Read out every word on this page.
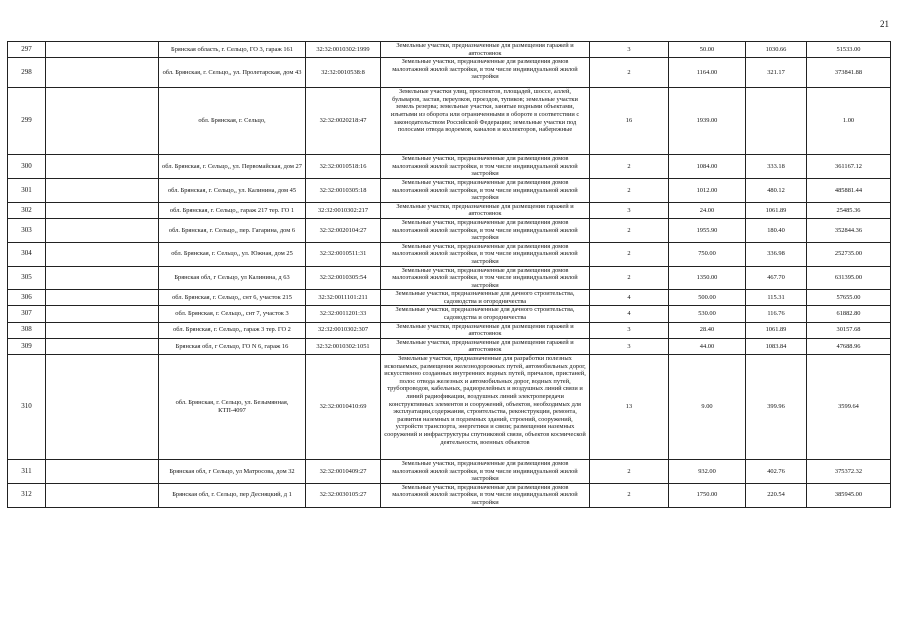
21
297		Брянская область, г. Сельцо, ГО 3, гараж 161	32:32:0010302:1999	Земельные участки, предназначенные для размещения гаражей и автостоянок	3	50.00	1030.66	51533.00
298		обл. Брянская, г. Сельцо,, ул. Пролетарская, дом 43	32:32:0010538:8	Земельные участки, предназначенные для размещения домов малоэтажной жилой застройки, в том числе индивидуальной жилой застройки	2	1164.00	321.17	373841.88
299		обл. Брянская, г. Сельцо,	32:32:0020218:47	Земельные участки улиц, проспектов, площадей, шоссе, аллей, бульваров, застав, переулков, проездов, тупиков; земельные участки земель резерва; земельные участки, занятые водными объектами, изъятыми из оборота или ограниченными в обороте в соответствии с законодательством Российской Федерации; земельные участки под полосами отвода водоемов, каналов и коллекторов, набережные	16	1939.00		1.00
300		обл. Брянская, г. Сельцо,, ул. Первомайская, дом 27	32:32:0010518:16	Земельные участки, предназначенные для размещения домов малоэтажной жилой застройки, в том числе индивидуальной жилой застройки	2	1084.00	333.18	361167.12
301		обл. Брянская, г. Сельцо,, ул. Калинина, дом 45	32:32:0010305:18	Земельные участки, предназначенные для размещения домов малоэтажной жилой застройки, в том числе индивидуальной жилой застройки	2	1012.00	480.12	485881.44
302		обл. Брянская, г. Сельцо,, гараж 217 тер. ГО 1	32:32:0010302:217	Земельные участки, предназначенные для размещения гаражей и автостоянок	3	24.00	1061.89	25485.36
303		обл. Брянская, г. Сельцо,, пер. Гагарина, дом 6	32:32:0020104:27	Земельные участки, предназначенные для размещения домов малоэтажной жилой застройки, в том числе индивидуальной жилой застройки	2	1955.90	180.40	352844.36
304		обл. Брянская, г. Сельцо,, ул. Южная, дом 25	32:32:0010511:31	Земельные участки, предназначенные для размещения домов малоэтажной жилой застройки, в том числе индивидуальной жилой застройки	2	750.00	336.98	252735.00
305		Брянская обл, г Сельцо, ул Калинина, д 63	32:32:0010305:54	Земельные участки, предназначенные для размещения домов малоэтажной жилой застройки, в том числе индивидуальной жилой застройки	2	1350.00	467.70	631395.00
306		обл. Брянская, г. Сельцо,, снт 6, участок 215	32:32:0011101:211	Земельные участки, предназначенные для дачного строительства, садоводства и огородничества	4	500.00	115.31	57655.00
307		обл. Брянская, г. Сельцо,, снт 7, участок 3	32:32:0011201:33	Земельные участки, предназначенные для дачного строительства, садоводства и огородничества	4	530.00	116.76	61882.80
308		обл. Брянская, г. Сельцо,, гараж 3 тер. ГО 2	32:32:0010302:307	Земельные участки, предназначенные для размещения гаражей и автостоянок	3	28.40	1061.89	30157.68
309		Брянская обл, г Сельцо, ГО N 6, гараж 16	32:32:0010302:1051	Земельные участки, предназначенные для размещения гаражей и автостоянок	3	44.00	1083.84	47688.96
310		обл. Брянская, г. Сельцо, ул. Безымянная, КТП-4097	32:32:0010410:69	Земельные участки, предназначенные для разработки полезных ископаемых, размещения железнодорожных путей, автомобильных дорог, искусственно созданных внутренних водных путей, причалов, пристаней, полос отвода железных и автомобильных дорог, водных путей, трубопроводов, кабельных, радиорелейных и воздушных линий связи и линий радиофикации, воздушных линий электропередачи конструктивных элементов и сооружений, объектов, необходимых для эксплуатации,содержания, строительства, реконструкции, ремонта, развития наземных и подземных зданий, строений, сооружений, устройств транспорта, энергетики и связи; размещения наземных сооружений и инфраструктуры спутниковой связи, объектов космической деятельности, военных объектов	13	9.00	399.96	3599.64
311		Брянская обл, г Сельцо, ул Матросова, дом 32	32:32:0010409:27	Земельные участки, предназначенные для размещения домов малоэтажной жилой застройки, в том числе индивидуальной жилой застройки	2	932.00	402.76	375372.32
312		Брянская обл, г. Сельцо, пер Десняцкий, д 1	32:32:0030105:27	Земельные участки, предназначенные для размещения домов малоэтажной жилой застройки, в том числе индивидуальной жилой застройки	2	1750.00	220.54	385945.00
